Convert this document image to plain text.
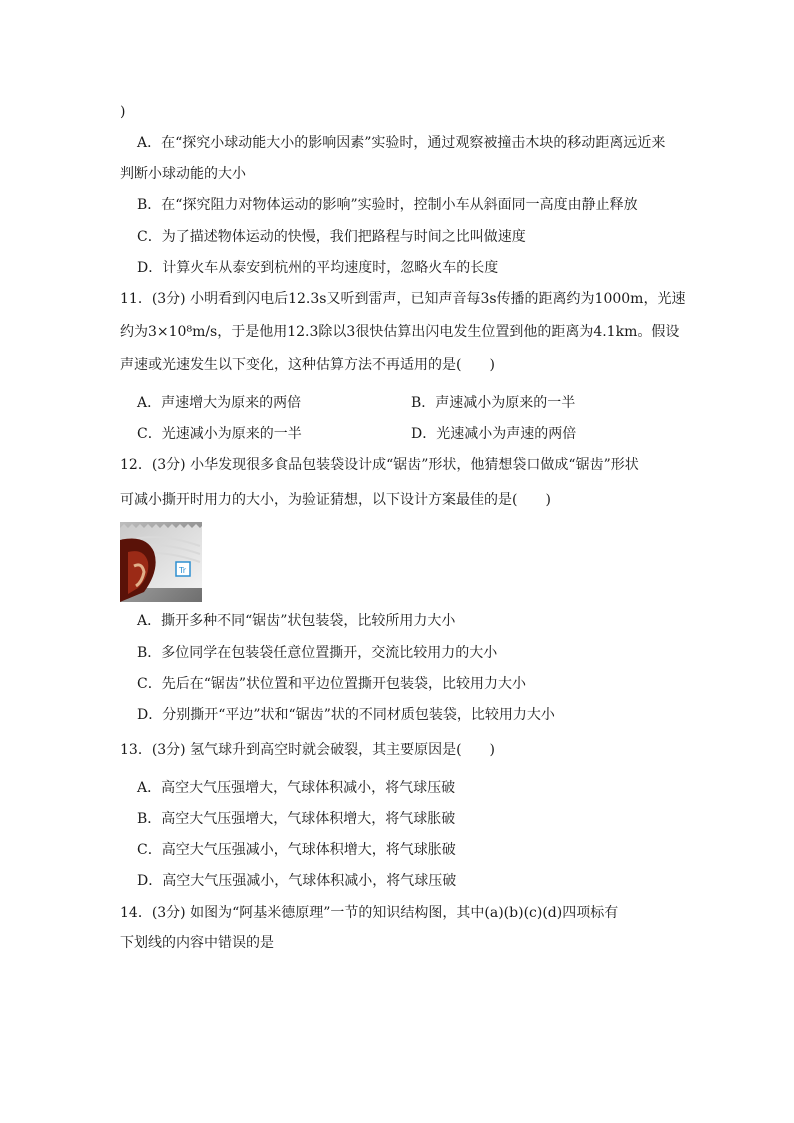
)
A．在“探究小球动能大小的影响因素”实验时，通过观察被撞击木块的移动距离远近来
判断小球动能的大小
B．在“探究阻力对物体运动的影响”实验时，控制小车从斜面同一高度由静止释放
C．为了描述物体运动的快慢，我们把路程与时间之比叫做速度
D．计算火车从泰安到杭州的平均速度时，忽略火车的长度
11．(3分) 小明看到闪电后12.3s又听到雷声，已知声音每3s传播的距离约为1000m，光速
约为3×10⁸m/s，于是他用12.3除以3很快估算出闪电发生位置到他的距离为4.1km。假设
声速或光速发生以下变化，这种估算方法不再适用的是(　　)
A．声速增大为原来的两倍	B．声速减小为原来的一半
C．光速减小为原来的一半	D．光速减小为声速的两倍
12．(3分) 小华发现很多食品包装袋设计成“锯齿”形状，他猜想袋口做成“锯齿”形状
可减小撕开时用力的大小，为验证猜想，以下设计方案最佳的是(　　)
Tr
A．撕开多种不同“锯齿”状包装袋，比较所用力大小
B．多位同学在包装袋任意位置撕开，交流比较用力的大小
C．先后在“锯齿”状位置和平边位置撕开包装袋，比较用力大小
D．分别撕开“平边”状和“锯齿”状的不同材质包装袋，比较用力大小
13．(3分) 氢气球升到高空时就会破裂，其主要原因是(　　)
A．高空大气压强增大，气球体积减小，将气球压破
B．高空大气压强增大，气球体积增大，将气球胀破
C．高空大气压强减小，气球体积增大，将气球胀破
D．高空大气压强减小，气球体积减小，将气球压破
14．(3分) 如图为“阿基米德原理”一节的知识结构图，其中(a)(b)(c)(d)四项标有
下划线的内容中错误的是
